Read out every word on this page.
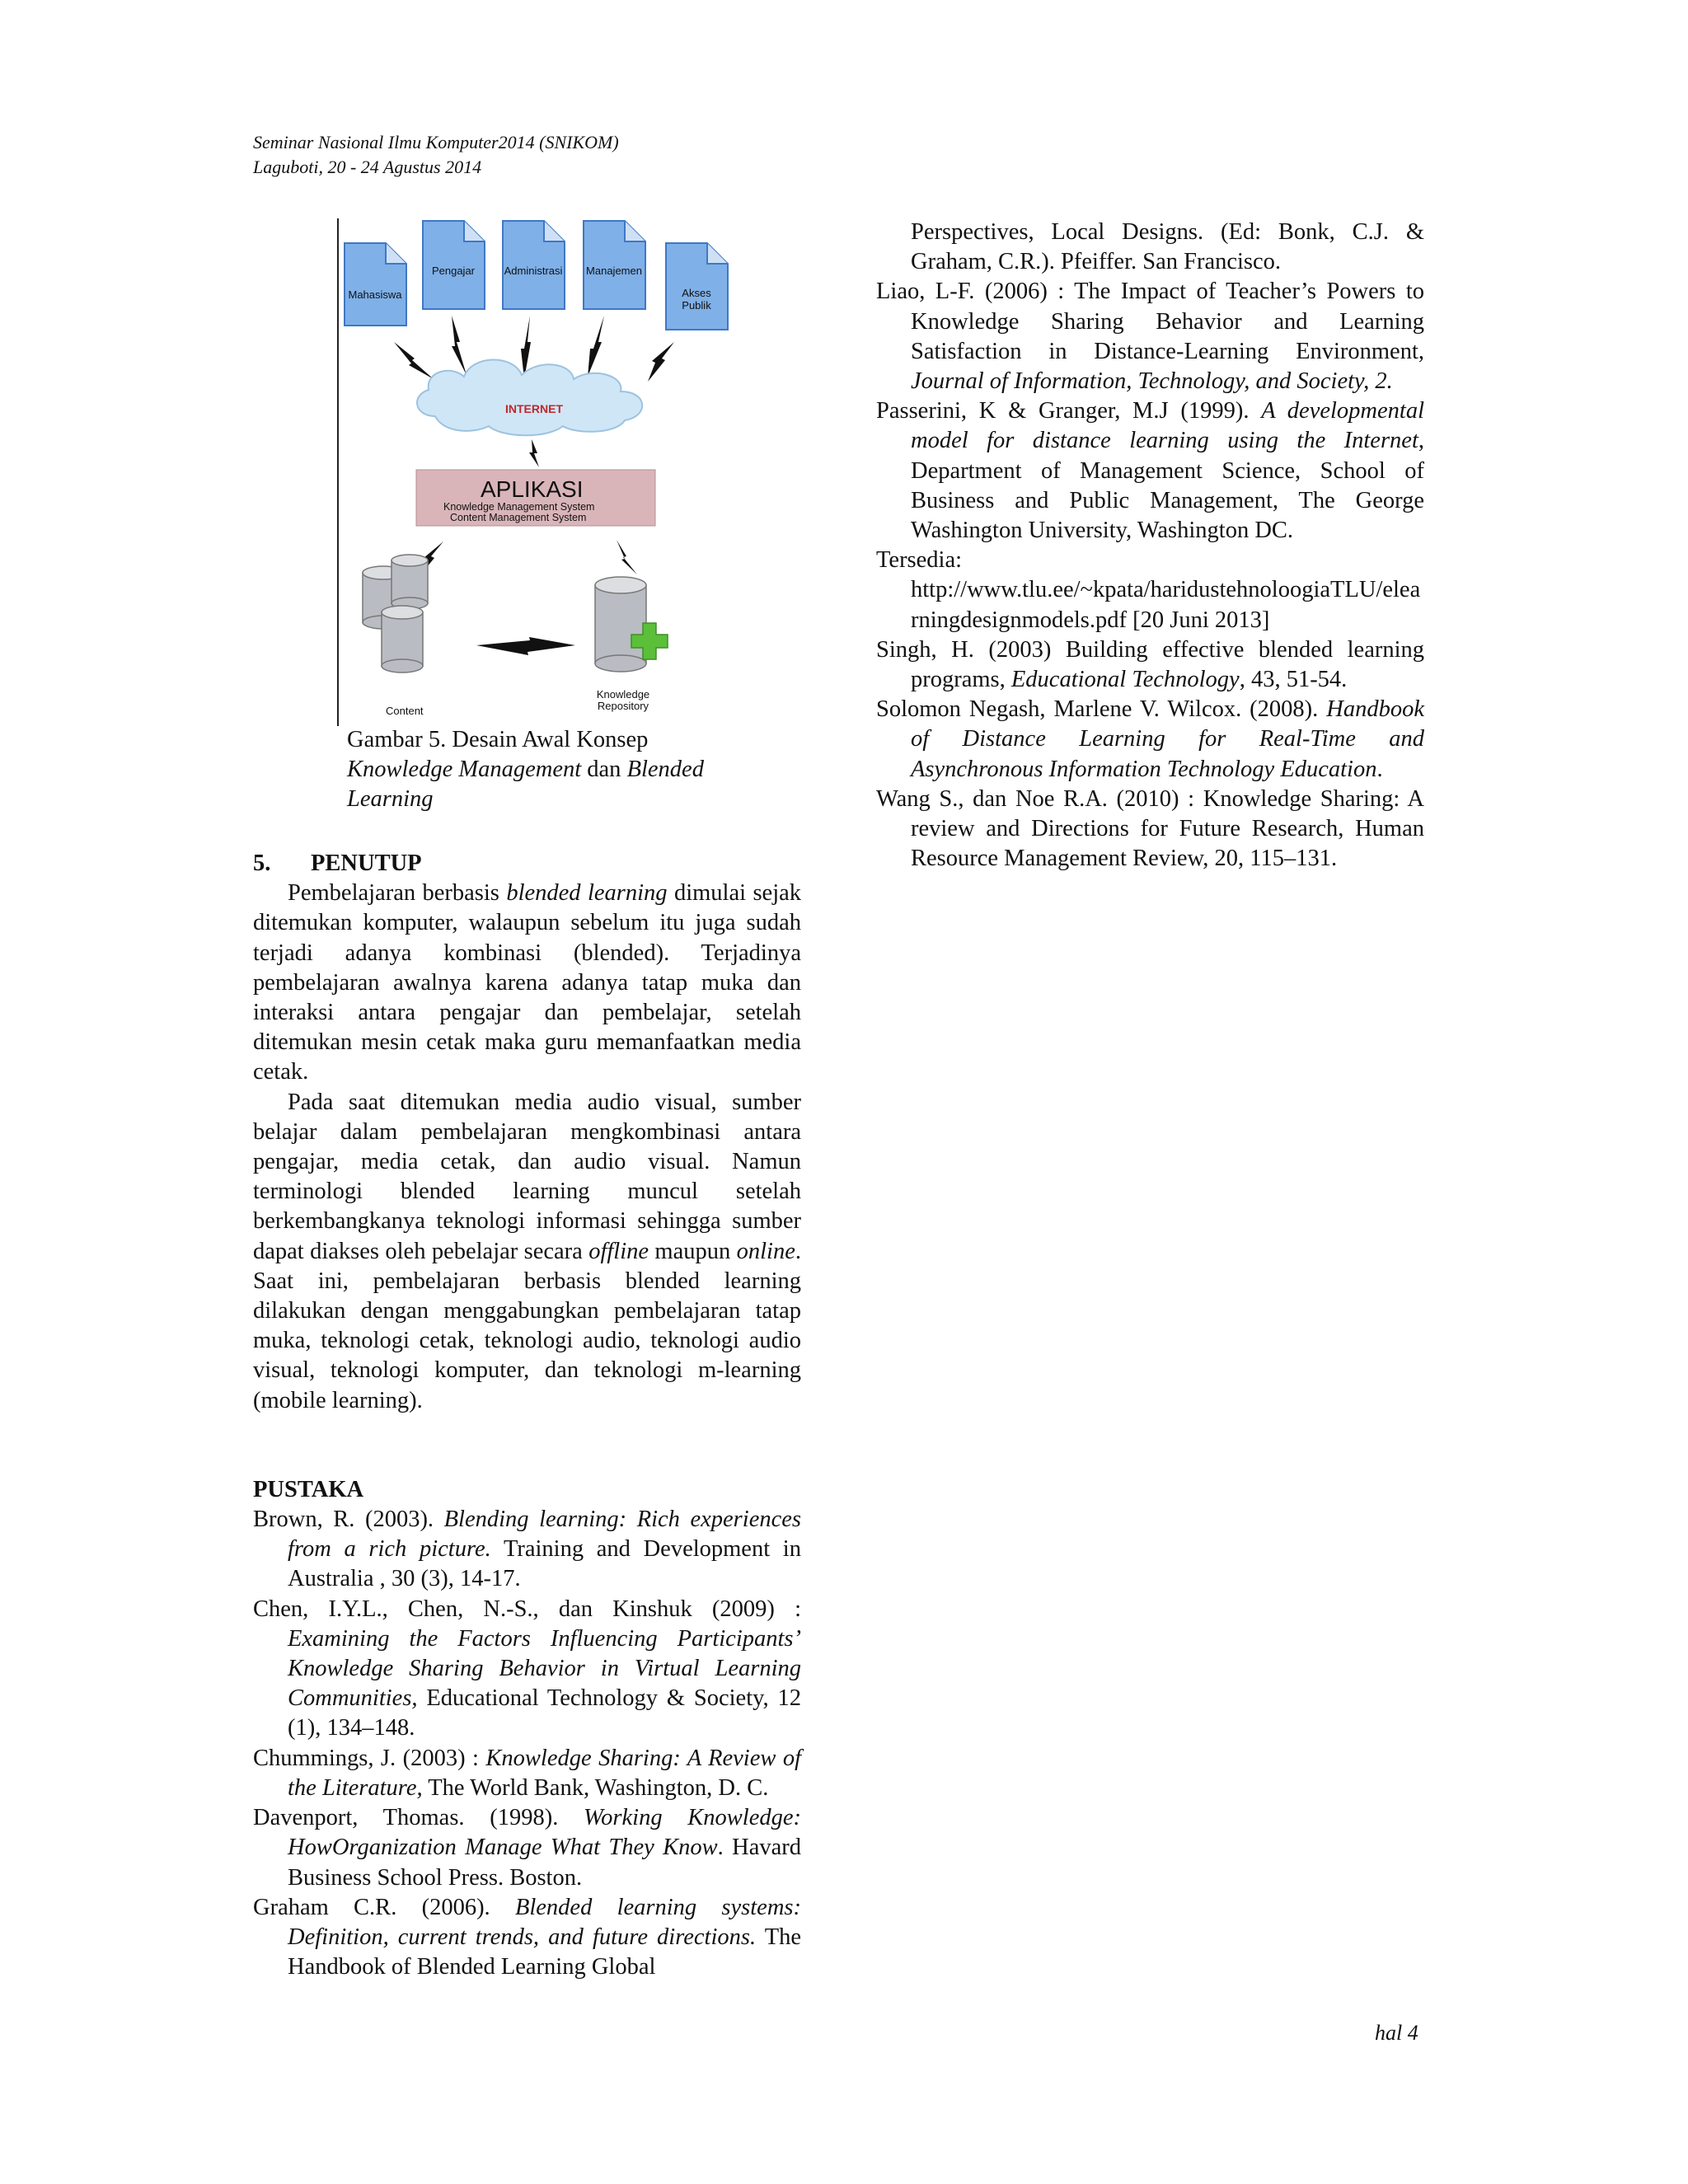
Seminar Nasional Ilmu Komputer2014 (SNIKOM)
Laguboti, 20 - 24 Agustus 2014
Mahasiswa
Pengajar	Administrasi Manajemen
Akses
Publik
INTERNET
APLIKASI
Knowledge Management System
Content Management System
Content
Knowledge
Repository
Gambar 5. Desain Awal Konsep
Knowledge Management dan Blended
Learning

5. PENUTUP

Pembelajaran berbasis blended learning dimulai sejak ditemukan komputer, walaupun sebelum itu juga sudah terjadi adanya kombinasi (blended). Terjadinya pembelajaran awalnya karena adanya tatap muka dan interaksi antara pengajar dan pembelajar, setelah ditemukan mesin cetak maka guru memanfaatkan media cetak.

Pada saat ditemukan media audio visual, sumber belajar dalam pembelajaran mengkombinasi antara pengajar, media cetak, dan audio visual. Namun terminologi blended learning muncul setelah berkembangkanya teknologi informasi sehingga sumber dapat diakses oleh pebelajar secara offline maupun online. Saat ini, pembelajaran berbasis blended learning dilakukan dengan menggabungkan pembelajaran tatap muka, teknologi cetak, teknologi audio, teknologi audio visual, teknologi komputer, dan teknologi m-learning (mobile learning).

PUSTAKA

Brown, R. (2003). Blending learning: Rich experiences from a rich picture. Training and Development in Australia , 30 (3), 14-17.

Chen, I.Y.L., Chen, N.-S., dan Kinshuk (2009) : Examining the Factors Influencing Participants’ Knowledge Sharing Behavior in Virtual Learning Communities, Educational Technology & Society, 12 (1), 134–148.

Chummings, J. (2003) : Knowledge Sharing: A Review of the Literature, The World Bank, Washington, D. C.

Davenport, Thomas. (1998). Working Knowledge: HowOrganization Manage What They Know. Havard Business School Press. Boston.

Graham C.R. (2006). Blended learning systems: Definition, current trends, and future directions. The Handbook of Blended Learning Global

Perspectives, Local Designs. (Ed: Bonk, C.J. & Graham, C.R.). Pfeiffer. San Francisco.

Liao, L-F. (2006) : The Impact of Teacher’s Powers to Knowledge Sharing Behavior and Learning Satisfaction in Distance-Learning Environment, Journal of Information, Technology, and Society, 2.

Passerini, K & Granger, M.J (1999). A developmental model for distance learning using the Internet, Department of Management Science, School of Business and Public Management, The George Washington University, Washington DC.

Tersedia:
http://www.tlu.ee/~kpata/haridustehnoloogiaTLU/elearningdesignmodels.pdf [20 Juni 2013]

Singh, H. (2003) Building effective blended learning programs, Educational Technology, 43, 51-54.

Solomon Negash, Marlene V. Wilcox. (2008). Handbook of Distance Learning for Real-Time and Asynchronous Information Technology Education.

Wang S., dan Noe R.A. (2010) : Knowledge Sharing: A review and Directions for Future Research, Human Resource Management Review, 20, 115–131.

hal 4
